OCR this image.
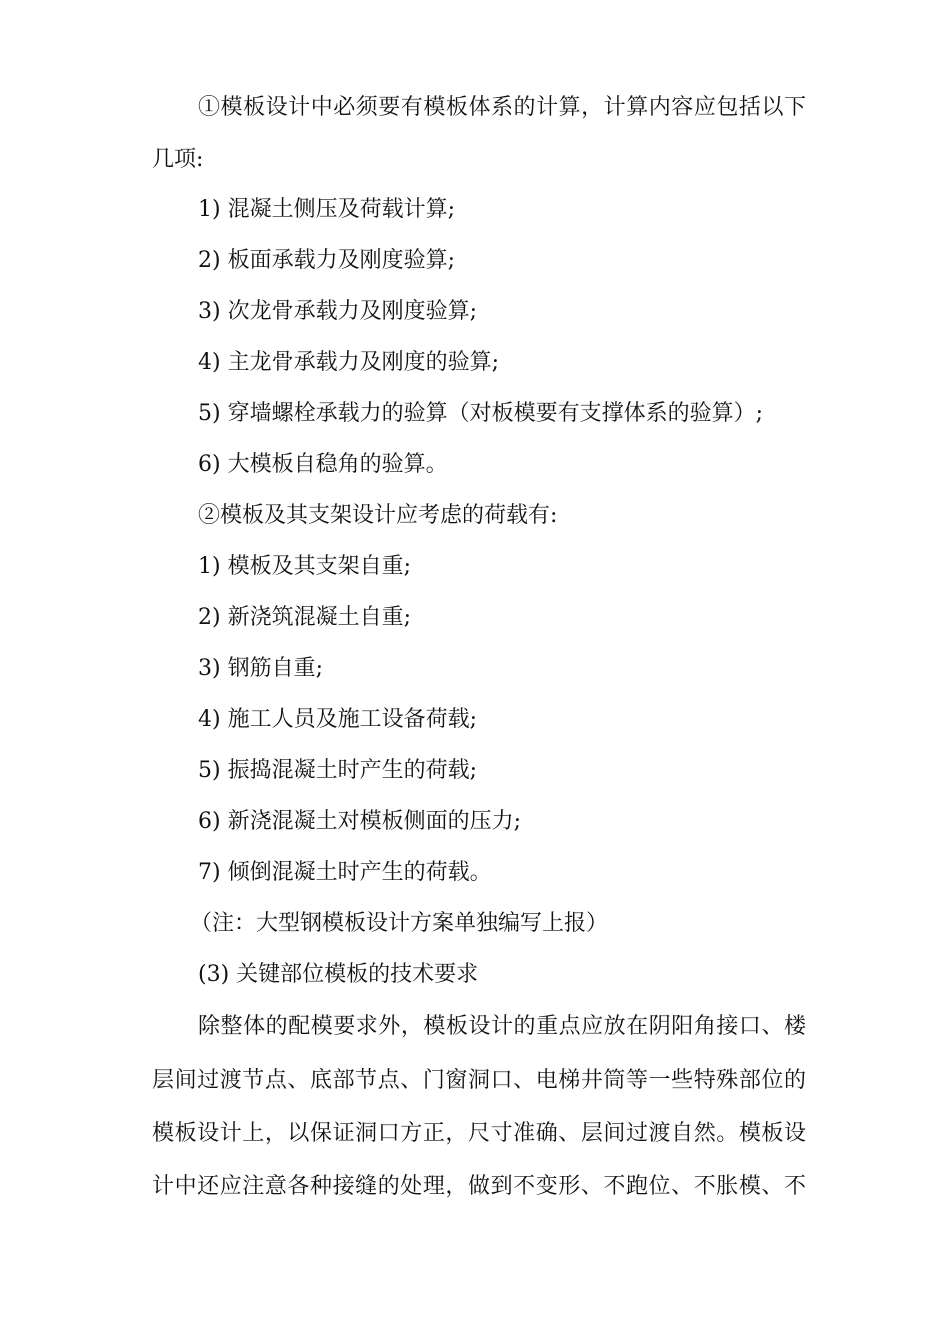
①模板设计中必须要有模板体系的计算，计算内容应包括以下
几项:
1) 混凝土侧压及荷载计算;
2) 板面承载力及刚度验算;
3) 次龙骨承载力及刚度验算;
4) 主龙骨承载力及刚度的验算;
5) 穿墙螺栓承载力的验算（对板模要有支撑体系的验算）;
6) 大模板自稳角的验算。
②模板及其支架设计应考虑的荷载有:
1) 模板及其支架自重;
2) 新浇筑混凝土自重;
3) 钢筋自重;
4) 施工人员及施工设备荷载;
5) 振捣混凝土时产生的荷载;
6) 新浇混凝土对模板侧面的压力;
7) 倾倒混凝土时产生的荷载。
（注：大型钢模板设计方案单独编写上报）
(3) 关键部位模板的技术要求
除整体的配模要求外，模板设计的重点应放在阴阳角接口、楼
层间过渡节点、底部节点、门窗洞口、电梯井筒等一些特殊部位的
模板设计上，以保证洞口方正，尺寸准确、层间过渡自然。模板设
计中还应注意各种接缝的处理，做到不变形、不跑位、不胀模、不
